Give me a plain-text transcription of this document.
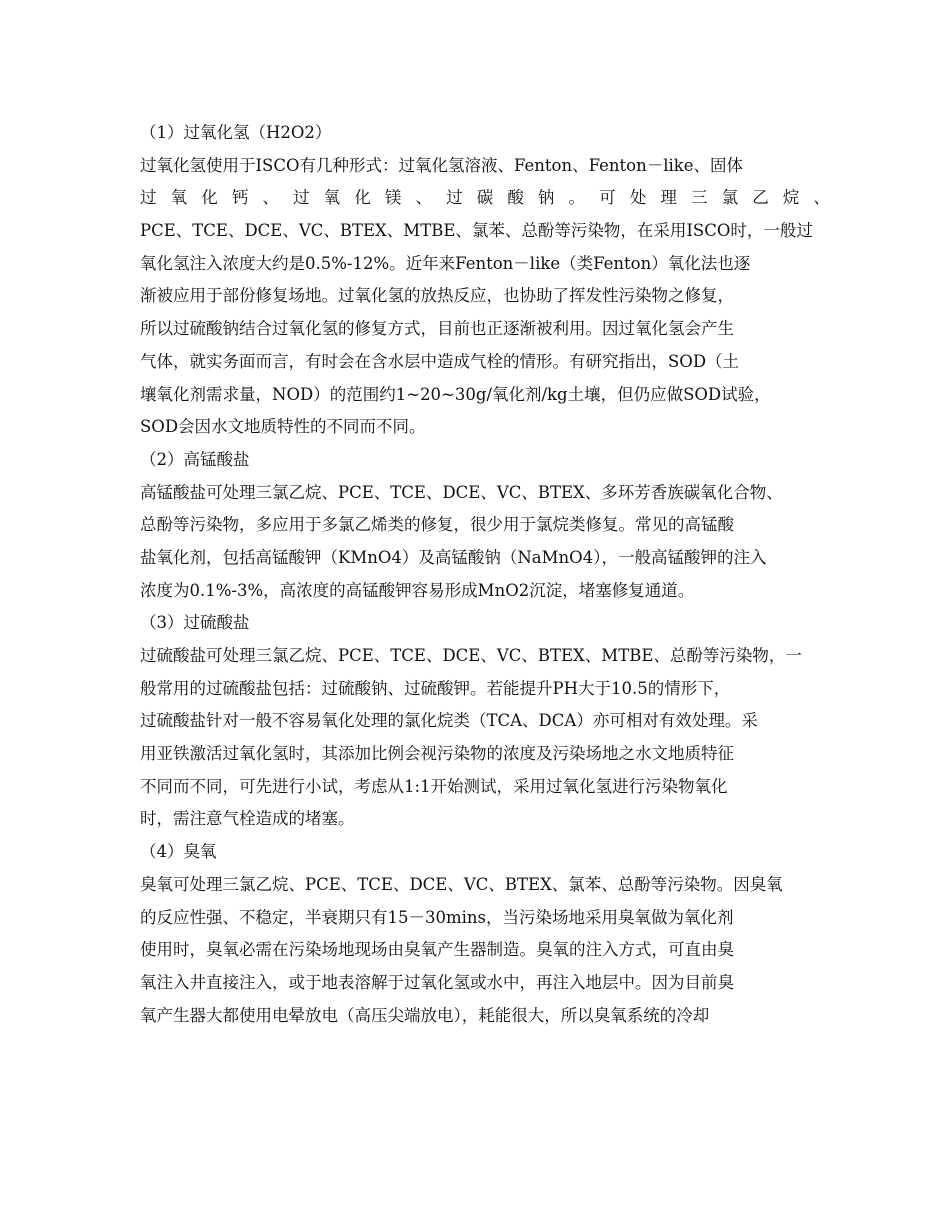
（1）过氧化氢（H2O2）
过氧化氢使用于ISCO有几种形式：过氧化氢溶液、Fenton、Fenton－like、固体
过 氧 化 钙 、 过 氧 化 镁 、 过 碳 酸 钠 。 可 处 理 三 氯 乙 烷 、
PCE、TCE、DCE、VC、BTEX、MTBE、氯苯、总酚等污染物，在采用ISCO时，一般过
氧化氢注入浓度大约是0.5%-12%。近年来Fenton－like（类Fenton）氧化法也逐
渐被应用于部份修复场地。过氧化氢的放热反应，也协助了挥发性污染物之修复，
所以过硫酸钠结合过氧化氢的修复方式，目前也正逐渐被利用。因过氧化氢会产生
气体，就实务面而言，有时会在含水层中造成气栓的情形。有研究指出，SOD（土
壤氧化剂需求量，NOD）的范围约1~20~30g/氧化剂/kg土壤，但仍应做SOD试验，
SOD会因水文地质特性的不同而不同。
（2）高锰酸盐
高锰酸盐可处理三氯乙烷、PCE、TCE、DCE、VC、BTEX、多环芳香族碳氧化合物、
总酚等污染物，多应用于多氯乙烯类的修复，很少用于氯烷类修复。常见的高锰酸
盐氧化剂，包括高锰酸钾（KMnO4）及高锰酸钠（NaMnO4），一般高锰酸钾的注入
浓度为0.1%-3%，高浓度的高锰酸钾容易形成MnO2沉淀，堵塞修复通道。
（3）过硫酸盐
过硫酸盐可处理三氯乙烷、PCE、TCE、DCE、VC、BTEX、MTBE、总酚等污染物，一
般常用的过硫酸盐包括：过硫酸钠、过硫酸钾。若能提升PH大于10.5的情形下，
过硫酸盐针对一般不容易氧化处理的氯化烷类（TCA、DCA）亦可相对有效处理。采
用亚铁激活过氧化氢时，其添加比例会视污染物的浓度及污染场地之水文地质特征
不同而不同，可先进行小试，考虑从1:1开始测试，采用过氧化氢进行污染物氧化
时，需注意气栓造成的堵塞。
（4）臭氧
臭氧可处理三氯乙烷、PCE、TCE、DCE、VC、BTEX、氯苯、总酚等污染物。因臭氧
的反应性强、不稳定，半衰期只有15－30mins，当污染场地采用臭氧做为氧化剂
使用时，臭氧必需在污染场地现场由臭氧产生器制造。臭氧的注入方式，可直由臭
氧注入井直接注入，或于地表溶解于过氧化氢或水中，再注入地层中。因为目前臭
氧产生器大都使用电晕放电（高压尖端放电），耗能很大，所以臭氧系统的冷却
